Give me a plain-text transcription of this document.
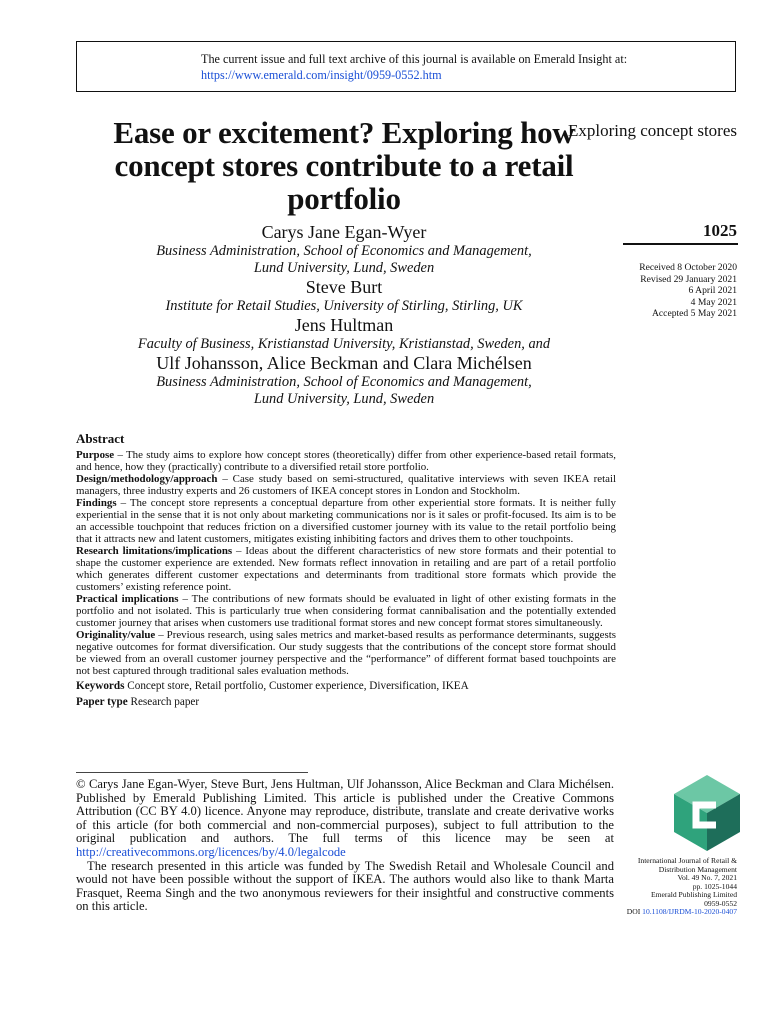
The current issue and full text archive of this journal is available on Emerald Insight at:
https://www.emerald.com/insight/0959-0552.htm
Ease or excitement? Exploring how concept stores contribute to a retail portfolio
Exploring concept stores
1025
Received 8 October 2020
Revised 29 January 2021
6 April 2021
4 May 2021
Accepted 5 May 2021
Carys Jane Egan-Wyer
Business Administration, School of Economics and Management,
Lund University, Lund, Sweden
Steve Burt
Institute for Retail Studies, University of Stirling, Stirling, UK
Jens Hultman
Faculty of Business, Kristianstad University, Kristianstad, Sweden, and
Ulf Johansson, Alice Beckman and Clara Michélsen
Business Administration, School of Economics and Management,
Lund University, Lund, Sweden
Abstract

Purpose – The study aims to explore how concept stores (theoretically) differ from other experience-based retail formats, and hence, how they (practically) contribute to a diversified retail store portfolio.

Design/methodology/approach – Case study based on semi-structured, qualitative interviews with seven IKEA retail managers, three industry experts and 26 customers of IKEA concept stores in London and Stockholm.

Findings – The concept store represents a conceptual departure from other experiential store formats. It is neither fully experiential in the sense that it is not only about marketing communications nor is it sales or profit-focused. Its aim is to be an accessible touchpoint that reduces friction on a diversified customer journey with its value to the retail portfolio being that it attracts new and latent customers, mitigates existing inhibiting factors and drives them to other touchpoints.

Research limitations/implications – Ideas about the different characteristics of new store formats and their potential to shape the customer experience are extended. New formats reflect innovation in retailing and are part of a retail portfolio which generates different customer expectations and determinants from traditional store formats which provide the customers’ existing reference point.

Practical implications – The contributions of new formats should be evaluated in light of other existing formats in the portfolio and not isolated. This is particularly true when considering format cannibalisation and the potentially extended customer journey that arises when customers use traditional format stores and new concept format stores simultaneously.

Originality/value – Previous research, using sales metrics and market-based results as performance determinants, suggests negative outcomes for format diversification. Our study suggests that the contributions of the concept store format should be viewed from an overall customer journey perspective and the “performance” of different format based touchpoints are not best captured through traditional sales evaluation methods.

Keywords Concept store, Retail portfolio, Customer experience, Diversification, IKEA
Paper type Research paper

© Carys Jane Egan-Wyer, Steve Burt, Jens Hultman, Ulf Johansson, Alice Beckman and Clara Michélsen. Published by Emerald Publishing Limited. This article is published under the Creative Commons Attribution (CC BY 4.0) licence. Anyone may reproduce, distribute, translate and create derivative works of this article (for both commercial and non-commercial purposes), subject to full attribution to the original publication and authors. The full terms of this licence may be seen at http://creativecommons.org/licences/by/4.0/legalcode

The research presented in this article was funded by The Swedish Retail and Wholesale Council and would not have been possible without the support of IKEA. The authors would also like to thank Marta Frasquet, Reema Singh and the two anonymous reviewers for their insightful and constructive comments on this article.

International Journal of Retail &
Distribution Management
Vol. 49 No. 7, 2021
pp. 1025-1044
Emerald Publishing Limited
0959-0552
DOI 10.1108/IJRDM-10-2020-0407
